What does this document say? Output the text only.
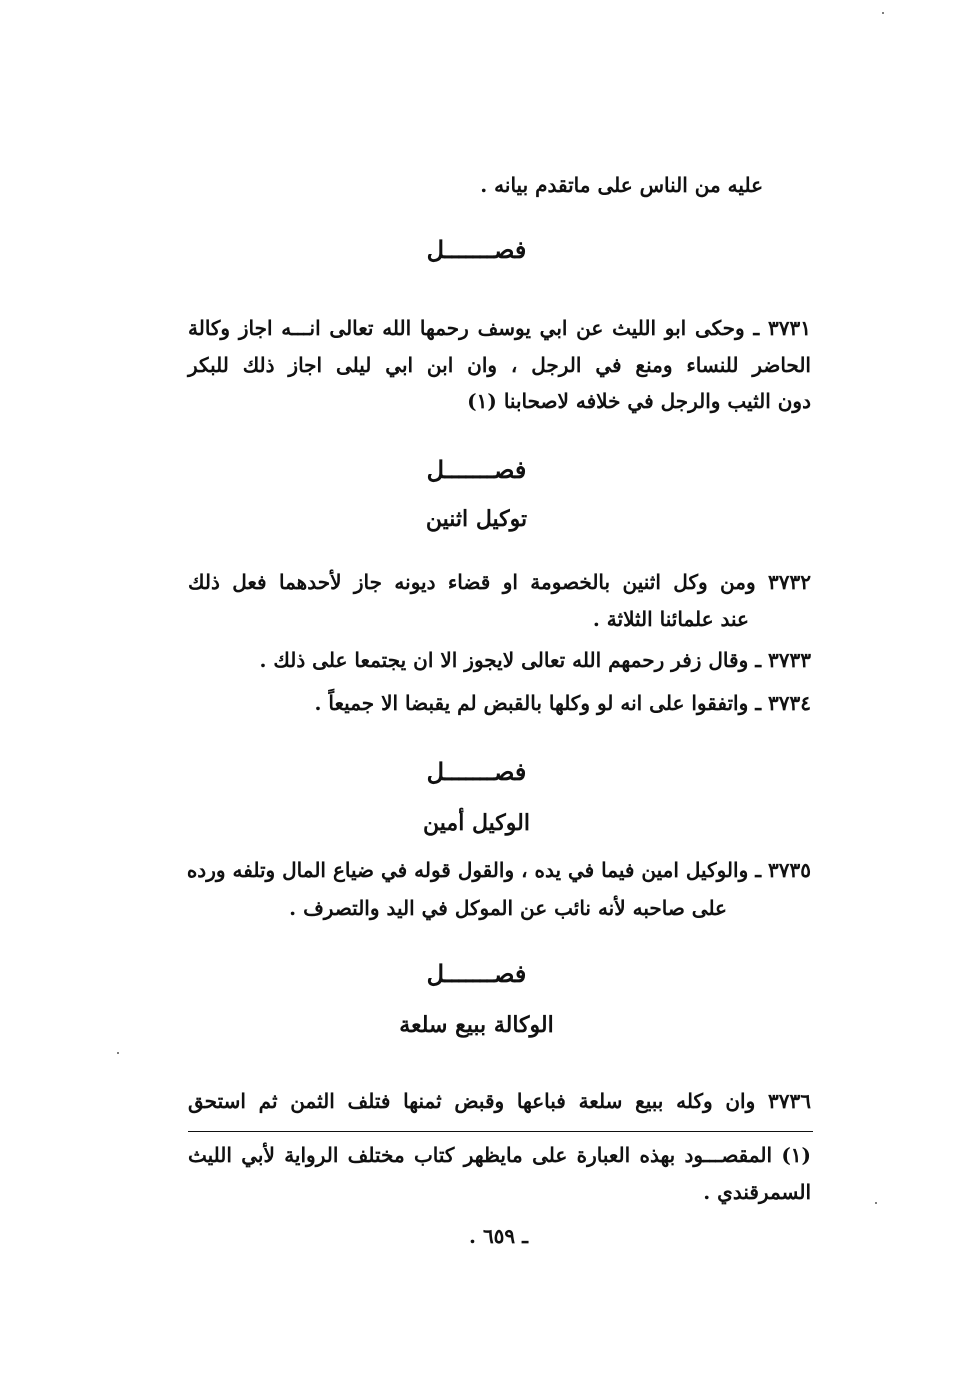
عليه من الناس على ماتقدم بيانه .
فصـــــــل
٣٧٣١ ـ وحكى ابو الليث عن ابي يوسف رحمها الله تعالى انـــه اجاز وكالة
الحاضر للنساء ومنع في الرجل ، وان ابن ابي ليلى اجاز ذلك للبكر
دون الثيب والرجل في خلافه لاصحابنا (١)
فصـــــــل
توكيل اثنين
٣٧٣٢ ومن وكل اثنين بالخصومة او قضاء ديونه جاز لأحدهما فعل ذلك
عند علمائنا الثلاثة .
٣٧٣٣ ـ وقال زفر رحمهم الله تعالى لايجوز الا ان يجتمعا على ذلك .
٣٧٣٤ ـ واتفقوا على انه لو وكلها بالقبض لم يقبضا الا جميعاً .
فصـــــــل
الوكيل أمين
٣٧٣٥ ـ والوكيل امين فيما في يده ، والقول قوله في ضياع المال وتلفه ورده
على صاحبه لأنه نائب عن الموكل في اليد والتصرف .
فصـــــــل
الوكالة ببيع سلعة
٣٧٣٦ وان وكله ببيع سلعة فباعها وقبض ثمنها فتلف الثمن ثم استحق
(١) المقصـــود بهذه العبارة على مايظهر كتاب مختلف الرواية لأبي الليث
السمرقندي .
ـ ٦٥٩ .
